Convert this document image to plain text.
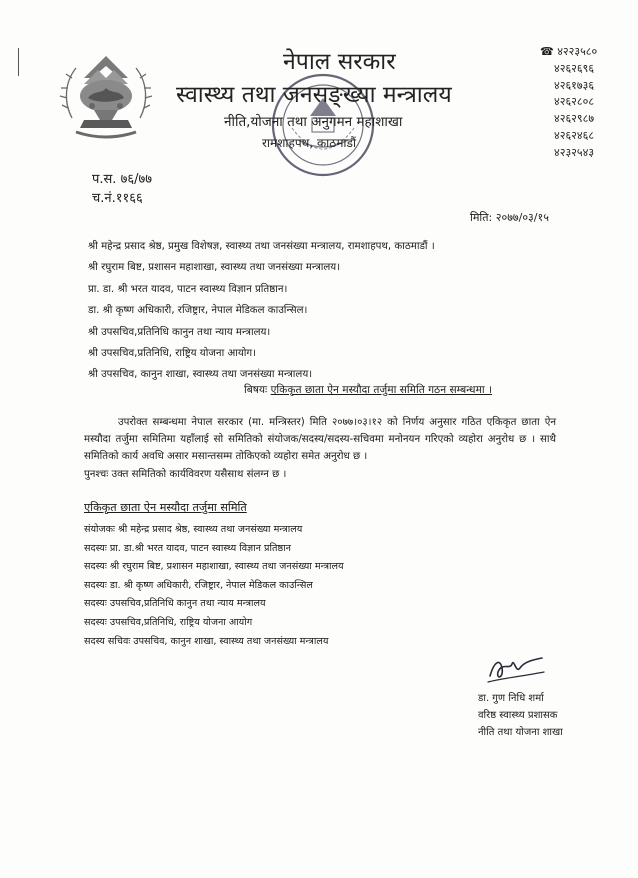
नेपाल सरकार
स्वास्थ्य तथा जनसङ्ख्या मन्त्रालय
नीति,योजना तथा अनुगमन महाशाखा
रामशाहपथ, काठमाडौं
☎ ४२२३५८०
४२६२६९६
४२६१७३६
४२६२८०८
४२६२९८७
४२६२४६८
४२३२५४३
प.स. ७६/७७
च.नं.११६६
मिति: २०७७/०३/१५
श्री महेन्द्र प्रसाद श्रेष्ठ, प्रमुख विशेषज्ञ, स्वास्थ्य तथा जनसंख्या मन्त्रालय, रामशाहपथ, काठमाडौं ।
श्री रघुराम बिष्ट, प्रशासन महाशाखा, स्वास्थ्य तथा जनसंख्या मन्त्रालय।
प्रा. डा. श्री भरत यादव, पाटन स्वास्थ्य विज्ञान प्रतिष्ठान।
डा. श्री कृष्ण अधिकारी, रजिष्ट्रार, नेपाल मेडिकल काउन्सिल।
श्री उपसचिव,प्रतिनिधि कानुन तथा न्याय मन्त्रालय।
श्री उपसचिव,प्रतिनिधि, राष्ट्रिय योजना आयोग।
श्री उपसचिव, कानुन शाखा, स्वास्थ्य तथा जनसंख्या मन्त्रालय।
बिषयः एकिकृत छाता ऐन मस्यौदा तर्जुमा समिति गठन सम्बन्धमा ।

उपरोक्त सम्बन्धमा नेपाल सरकार (मा. मन्त्रिस्तर) मिति २०७७।०३।१२ को निर्णय अनुसार गठित एकिकृत छाता ऐन मस्यौदा तर्जुमा समितिमा यहाँलाई सो समितिको संयोजक/सदस्य/सदस्य-सचिवमा मनोनयन गरिएको व्यहोरा अनुरोध छ । साथै समितिको कार्य अवधि असार मसान्तसम्म तोकिएको व्यहोरा समेत अनुरोध छ ।

पुनश्चः उक्त समितिको कार्यविवरण यसैसाथ संलग्न छ ।

एकिकृत छाता ऐन मस्यौदा तर्जुमा समिति
संयोजकः श्री महेन्द्र प्रसाद श्रेष्ठ, स्वास्थ्य तथा जनसंख्या मन्त्रालय
सदस्यः प्रा. डा.श्री भरत यादव, पाटन स्वास्थ्य विज्ञान प्रतिष्ठान
सदस्यः श्री रघुराम बिष्ट, प्रशासन महाशाखा, स्वास्थ्य तथा जनसंख्या मन्त्रालय
सदस्यः डा. श्री कृष्ण अधिकारी, रजिष्ट्रार, नेपाल मेडिकल काउन्सिल
सदस्यः उपसचिव,प्रतिनिधि कानुन तथा न्याय मन्त्रालय
सदस्यः उपसचिव,प्रतिनिधि, राष्ट्रिय योजना आयोग
सदस्य सचिवः उपसचिव, कानुन शाखा, स्वास्थ्य तथा जनसंख्या मन्त्रालय
डा. गुण निधि शर्मा
वरिष्ठ स्वास्थ्य प्रशासक
नीति तथा योजना शाखा
